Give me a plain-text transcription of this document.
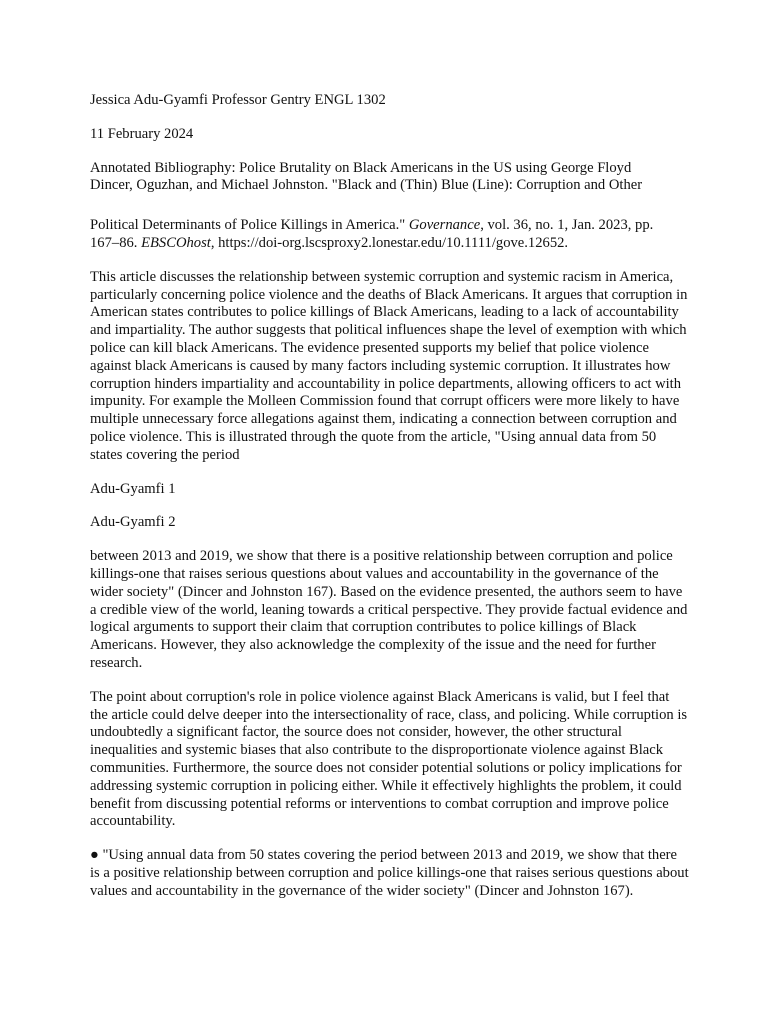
Jessica Adu-Gyamfi Professor Gentry ENGL 1302

11 February 2024

Annotated Bibliography: Police Brutality on Black Americans in the US using George Floyd

Dincer, Oguzhan, and Michael Johnston. "Black and (Thin) Blue (Line): Corruption and Other

Political Determinants of Police Killings in America." Governance, vol. 36, no. 1, Jan. 2023, pp.

167–86. EBSCOhost, https://doi-org.lscsproxy2.lonestar.edu/10.1111/gove.12652.

This article discusses the relationship between systemic corruption and systemic racism in America, particularly concerning police violence and the deaths of Black Americans. It argues that corruption in American states contributes to police killings of Black Americans, leading to a lack of accountability and impartiality. The author suggests that political influences shape the level of exemption with which police can kill black Americans. The evidence presented supports my belief that police violence against black Americans is caused by many factors including systemic corruption. It illustrates how corruption hinders impartiality and accountability in police departments, allowing officers to act with impunity. For example the Molleen Commission found that corrupt officers were more likely to have multiple unnecessary force allegations against them, indicating a connection between corruption and police violence. This is illustrated through the quote from the article, "Using annual data from 50 states covering the period

Adu-Gyamfi 1

Adu-Gyamfi 2

between 2013 and 2019, we show that there is a positive relationship between corruption and police killings-one that raises serious questions about values and accountability in the governance of the wider society" (Dincer and Johnston 167). Based on the evidence presented, the authors seem to have a credible view of the world, leaning towards a critical perspective. They provide factual evidence and logical arguments to support their claim that corruption contributes to police killings of Black Americans. However, they also acknowledge the complexity of the issue and the need for further research.

The point about corruption's role in police violence against Black Americans is valid, but I feel that the article could delve deeper into the intersectionality of race, class, and policing. While corruption is undoubtedly a significant factor, the source does not consider, however, the other structural inequalities and systemic biases that also contribute to the disproportionate violence against Black communities. Furthermore, the source does not consider potential solutions or policy implications for addressing systemic corruption in policing either. While it effectively highlights the problem, it could benefit from discussing potential reforms or interventions to combat corruption and improve police accountability.

● "Using annual data from 50 states covering the period between 2013 and 2019, we show that there is a positive relationship between corruption and police killings-one that raises serious questions about values and accountability in the governance of the wider society" (Dincer and Johnston 167).
